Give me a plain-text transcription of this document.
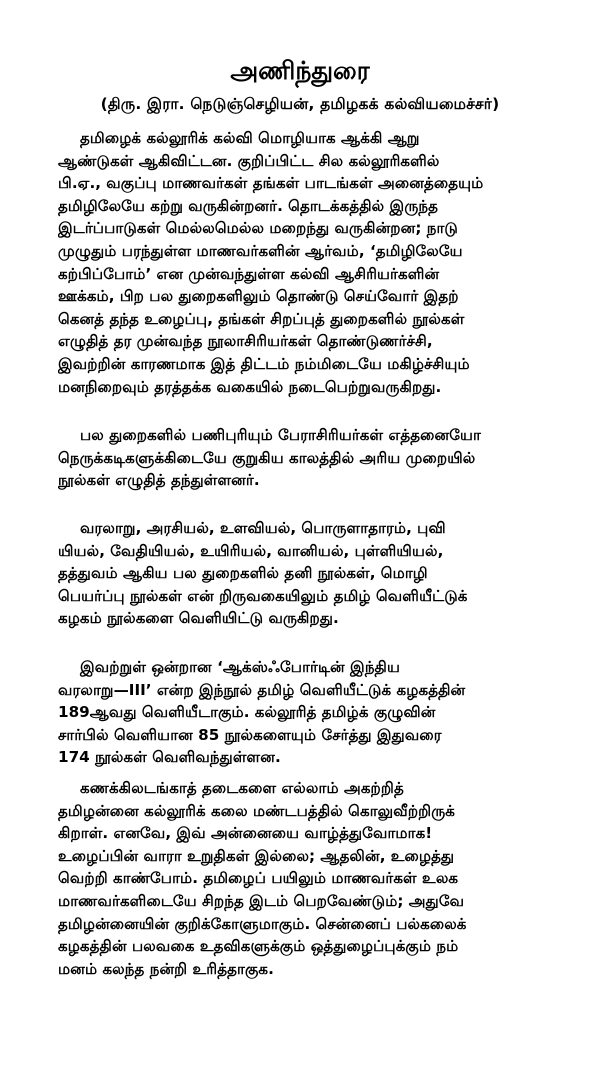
அணிந்துரை
(திரு. இரா. நெடுஞ்செழியன், தமிழகக் கல்வியமைச்சர்)
தமிழைக் கல்லூரிக் கல்வி மொழியாக ஆக்கி ஆறு
ஆண்டுகள் ஆகிவிட்டன. குறிப்பிட்ட சில கல்லூரிகளில்
பி.ஏ., வகுப்பு மாணவர்கள் தங்கள் பாடங்கள் அனைத்தையும்
தமிழிலேயே கற்று வருகின்றனர். தொடக்கத்தில் இருந்த
இடர்ப்பாடுகள் மெல்லமெல்ல மறைந்து வருகின்றன; நாடு
முழுதும் பரந்துள்ள மாணவர்களின் ஆர்வம், ‘தமிழிலேயே
கற்பிப்போம்’ என முன்வந்துள்ள கல்வி ஆசிரியர்களின்
ஊக்கம், பிற பல துறைகளிலும் தொண்டு செய்வோர் இதற்
கெனத் தந்த உழைப்பு, தங்கள் சிறப்புத் துறைகளில் நூல்கள்
எழுதித் தர முன்வந்த நூலாசிரியர்கள் தொண்டுணர்ச்சி,
இவற்றின் காரணமாக இத் திட்டம் நம்மிடையே மகிழ்ச்சியும்
மனநிறைவும் தரத்தக்க வகையில் நடைபெற்றுவருகிறது.
பல துறைகளில் பணிபுரியும் பேராசிரியர்கள் எத்தனையோ
நெருக்கடிகளுக்கிடையே குறுகிய காலத்தில் அரிய முறையில்
நூல்கள் எழுதித் தந்துள்ளனர்.
வரலாறு, அரசியல், உளவியல், பொருளாதாரம், புவி
யியல், வேதியியல், உயிரியல், வானியல், புள்ளியியல்,
தத்துவம் ஆகிய பல துறைகளில் தனி நூல்கள், மொழி
பெயர்ப்பு நூல்கள் என் றிருவகையிலும் தமிழ் வெளியீட்டுக்
கழகம் நூல்களை வெளியிட்டு வருகிறது.
இவற்றுள் ஒன்றான ‘ஆக்ஸ்ஃபோர்டின் இந்திய
வரலாறு—III’ என்ற இந்நூல் தமிழ் வெளியீட்டுக் கழகத்தின்
189ஆவது வெளியீடாகும். கல்லூரித் தமிழ்க் குழுவின்
சார்பில் வெளியான 85 நூல்களையும் சேர்த்து இதுவரை
174 நூல்கள் வெளிவந்துள்ளன.
கணக்கிலடங்காத் தடைகளை எல்லாம் அகற்றித்
தமிழன்னை கல்லூரிக் கலை மண்டபத்தில் கொலுவீற்றிருக்
கிறாள். எனவே, இவ் அன்னையை வாழ்த்துவோமாக!
உழைப்பின் வாரா உறுதிகள் இல்லை; ஆதலின், உழைத்து
வெற்றி காண்போம். தமிழைப் பயிலும் மாணவர்கள் உலக
மாணவர்களிடையே சிறந்த இடம் பெறவேண்டும்; அதுவே
தமிழன்னையின் குறிக்கோளுமாகும். சென்னைப் பல்கலைக்
கழகத்தின் பலவகை உதவிகளுக்கும் ஒத்துழைப்புக்கும் நம்
மனம் கலந்த நன்றி உரித்தாகுக.
